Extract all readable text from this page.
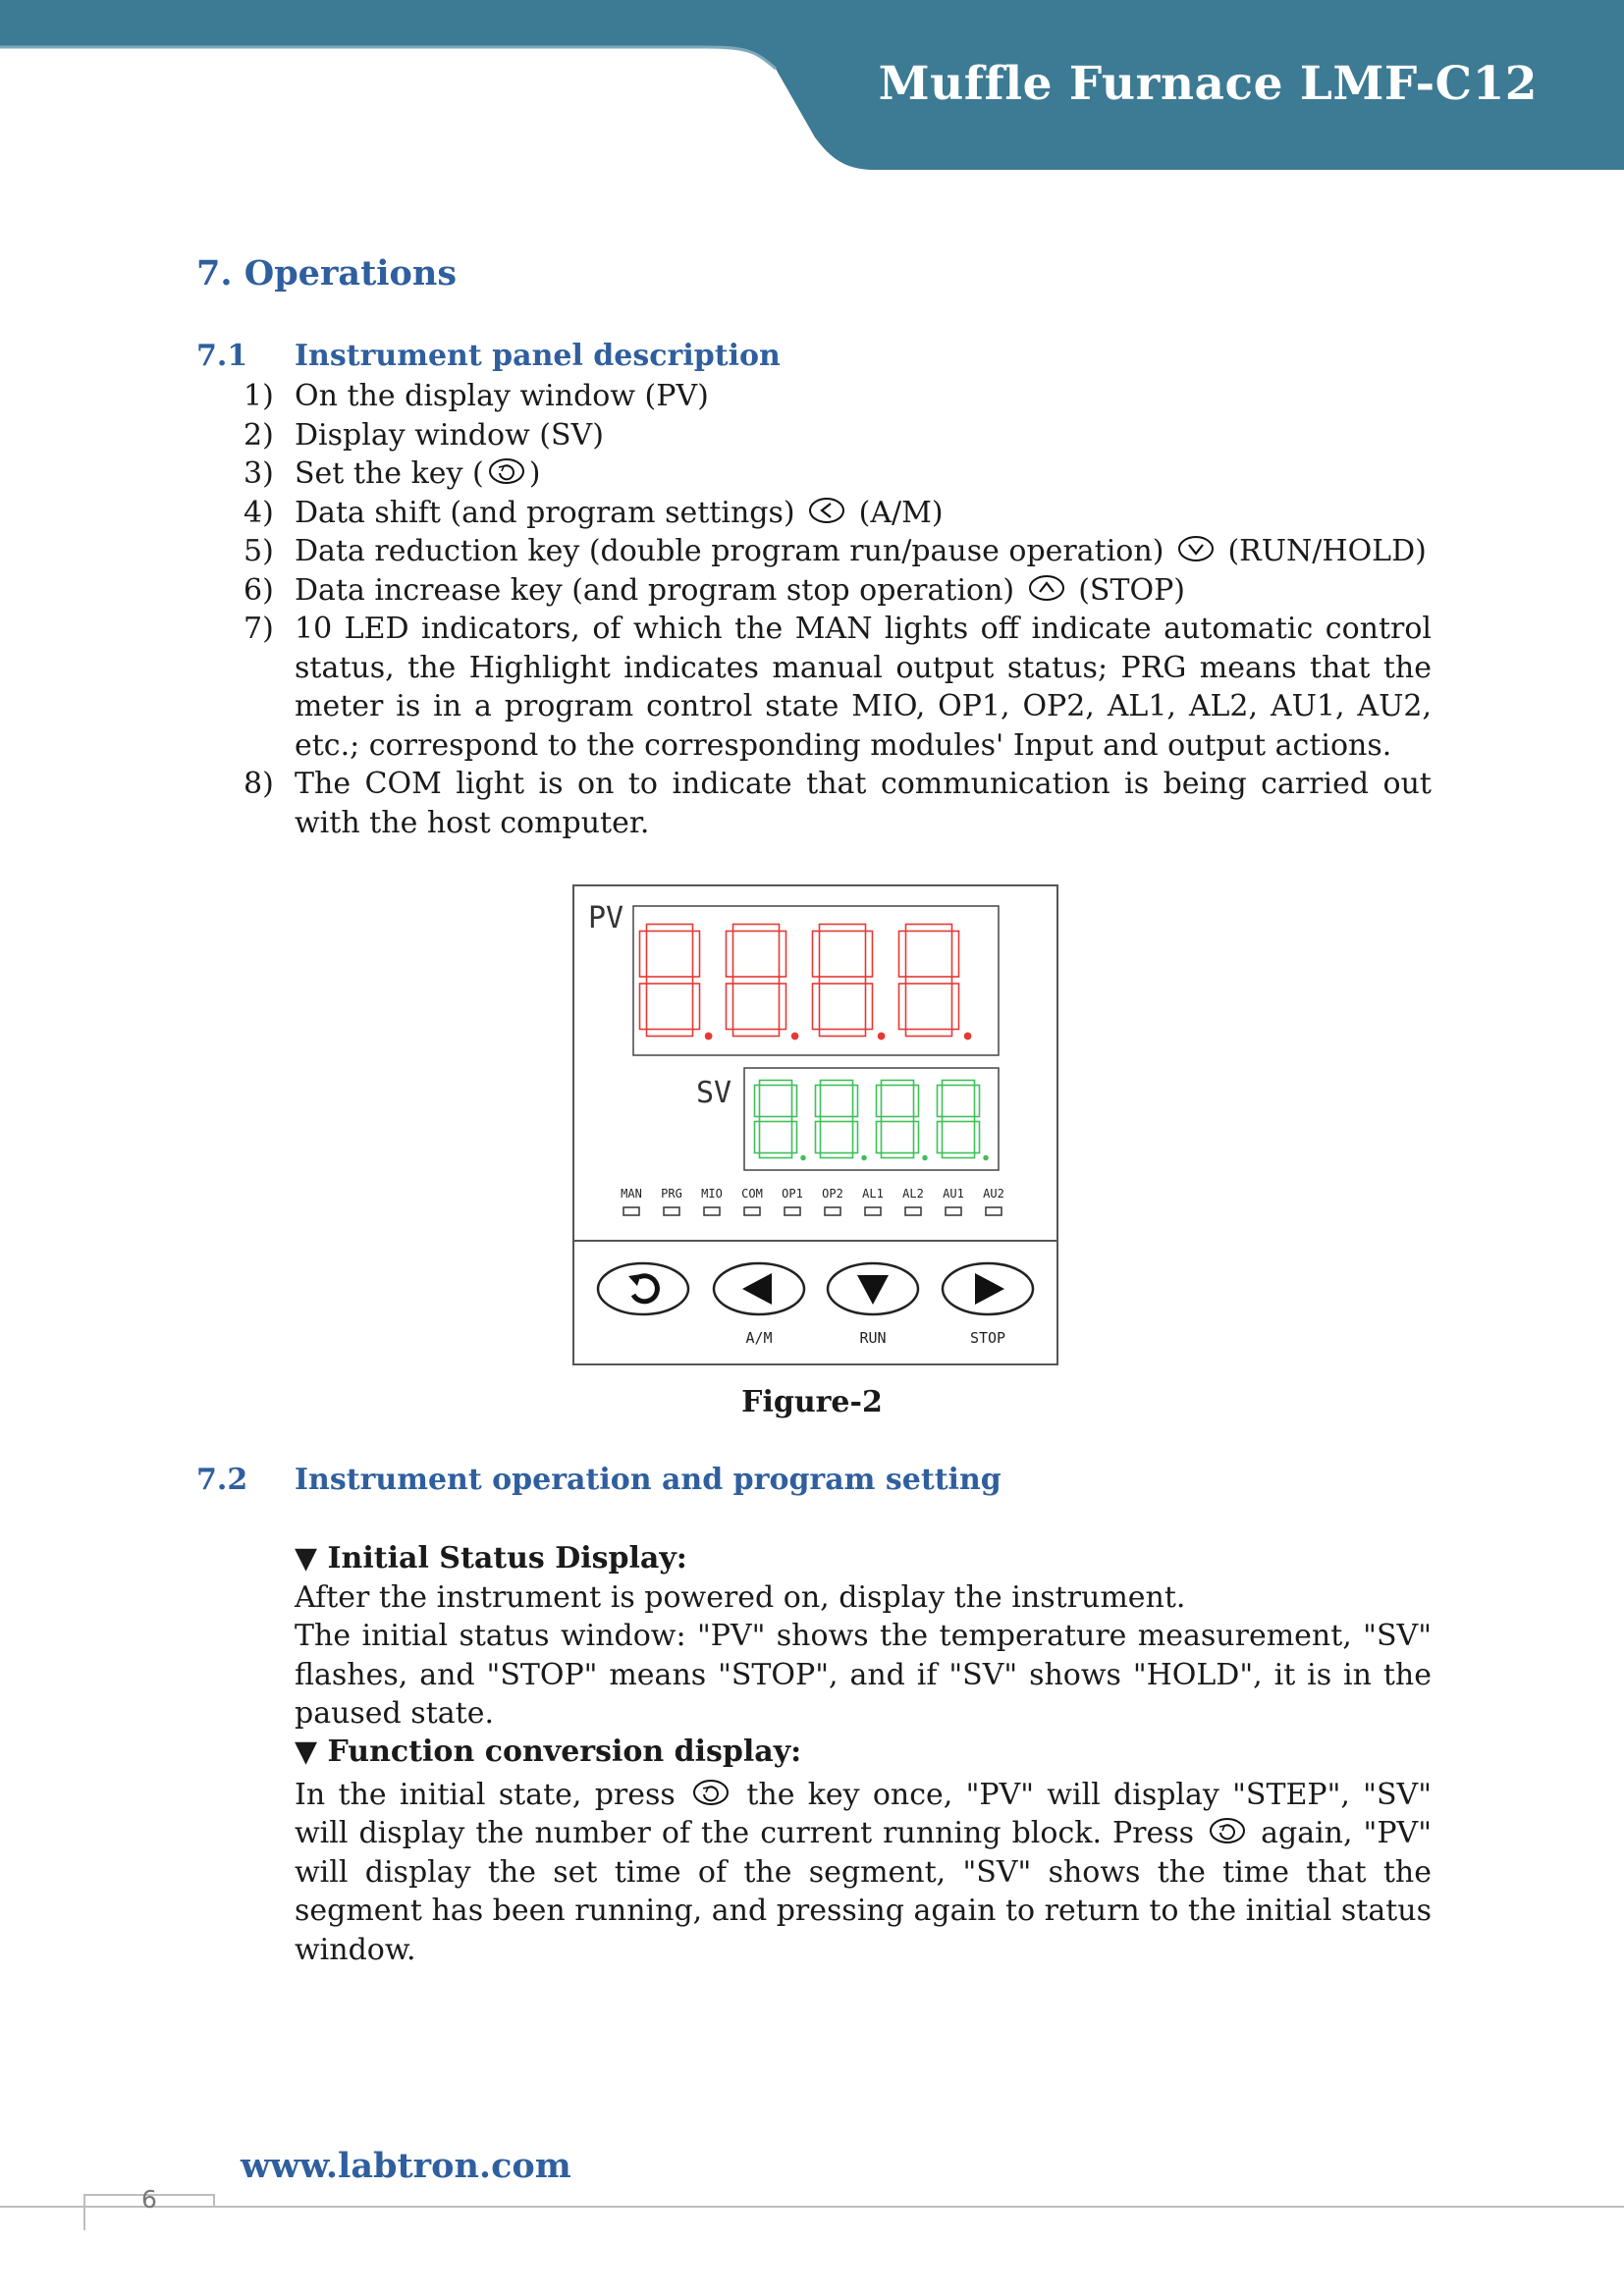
Muffle Furnace LMF-C12
7. Operations
7.1 Instrument panel description
1) On the display window (PV)
2) Display window (SV)
3) Set the key ( )
4) Data shift (and program settings)  (A/M)
5) Data reduction key (double program run/pause operation)  (RUN/HOLD)
6) Data increase key (and program stop operation)  (STOP)
7) 10 LED indicators, of which the MAN lights off indicate automatic control status, the Highlight indicates manual output status; PRG means that the meter is in a program control state MIO, OP1, OP2, AL1, AL2, AU1, AU2, etc.; correspond to the corresponding modules' Input and output actions.
8) The COM light is on to indicate that communication is being carried out with the host computer.
PV
SV
MAN PRG MIO COM OP1 OP2 AL1 AL2 AU1 AU2
A/M	RUN	STOP
Figure-2
7.2 Instrument operation and program setting
▼ Initial Status Display:
After the instrument is powered on, display the instrument.
The initial status window: "PV" shows the temperature measurement, "SV" flashes, and "STOP" means "STOP", and if "SV" shows "HOLD", it is in the paused state.
▼ Function conversion display:
In the initial state, press  the key once, "PV" will display "STEP", "SV" will display the number of the current running block. Press  again, "PV" will display the set time of the segment, "SV" shows the time that the segment has been running, and pressing again to return to the initial status window.
www.labtron.com
6
